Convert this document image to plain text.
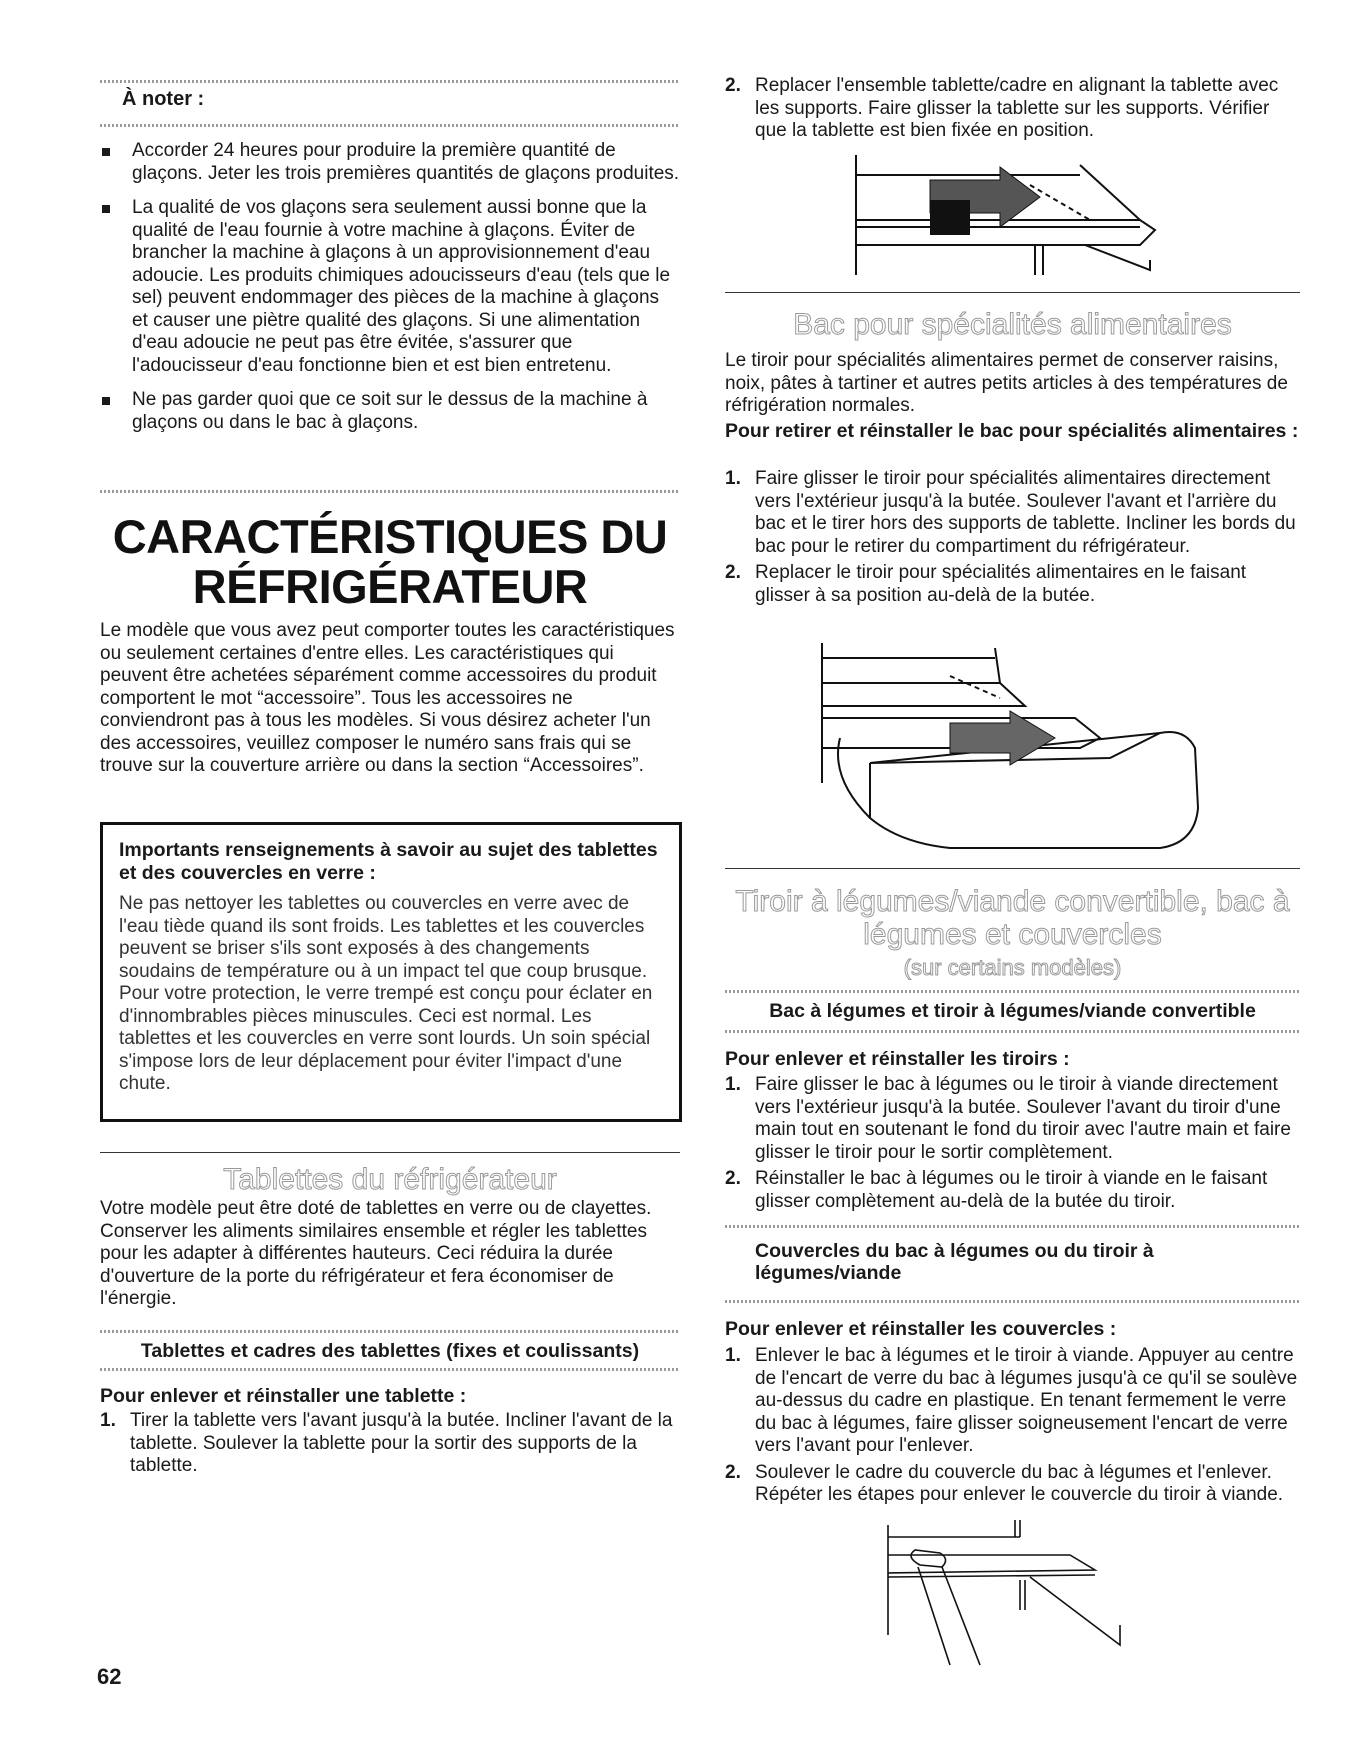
À noter :
Accorder 24 heures pour produire la première quantité de glaçons. Jeter les trois premières quantités de glaçons produites.
La qualité de vos glaçons sera seulement aussi bonne que la qualité de l'eau fournie à votre machine à glaçons. Éviter de brancher la machine à glaçons à un approvisionnement d'eau adoucie. Les produits chimiques adoucisseurs d'eau (tels que le sel) peuvent endommager des pièces de la machine à glaçons et causer une piètre qualité des glaçons. Si une alimentation d'eau adoucie ne peut pas être évitée, s'assurer que l'adoucisseur d'eau fonctionne bien et est bien entretenu.
Ne pas garder quoi que ce soit sur le dessus de la machine à glaçons ou dans le bac à glaçons.
CARACTÉRISTIQUES DU
RÉFRIGÉRATEUR

Le modèle que vous avez peut comporter toutes les caractéristiques ou seulement certaines d'entre elles. Les caractéristiques qui peuvent être achetées séparément comme accessoires du produit comportent le mot “accessoire”. Tous les accessoires ne conviendront pas à tous les modèles. Si vous désirez acheter l'un des accessoires, veuillez composer le numéro sans frais qui se trouve sur la couverture arrière ou dans la section “Accessoires”.

Importants renseignements à savoir au sujet des tablettes et des couvercles en verre :

Ne pas nettoyer les tablettes ou couvercles en verre avec de l'eau tiède quand ils sont froids. Les tablettes et les couvercles peuvent se briser s'ils sont exposés à des changements soudains de température ou à un impact tel que coup brusque. Pour votre protection, le verre trempé est conçu pour éclater en d'innombrables pièces minuscules. Ceci est normal. Les tablettes et les couvercles en verre sont lourds. Un soin spécial s'impose lors de leur déplacement pour éviter l'impact d'une chute.

Tablettes du réfrigérateur

Votre modèle peut être doté de tablettes en verre ou de clayettes. Conserver les aliments similaires ensemble et régler les tablettes pour les adapter à différentes hauteurs. Ceci réduira la durée d'ouverture de la porte du réfrigérateur et fera économiser de l'énergie.

Tablettes et cadres des tablettes (fixes et coulissants)
Pour enlever et réinstaller une tablette :
1. Tirer la tablette vers l'avant jusqu'à la butée. Incliner l'avant de la tablette. Soulever la tablette pour la sortir des supports de la tablette.
62
2. Replacer l'ensemble tablette/cadre en alignant la tablette avec les supports. Faire glisser la tablette sur les supports. Vérifier que la tablette est bien fixée en position.
Bac pour spécialités alimentaires

Le tiroir pour spécialités alimentaires permet de conserver raisins, noix, pâtes à tartiner et autres petits articles à des températures de réfrigération normales.

Pour retirer et réinstaller le bac pour spécialités alimentaires :
1. Faire glisser le tiroir pour spécialités alimentaires directement vers l'extérieur jusqu'à la butée. Soulever l'avant et l'arrière du bac et le tirer hors des supports de tablette. Incliner les bords du bac pour le retirer du compartiment du réfrigérateur.
2. Replacer le tiroir pour spécialités alimentaires en le faisant glisser à sa position au-delà de la butée.
Tiroir à légumes/viande convertible, bac à
légumes et couvercles
(sur certains modèles)
Bac à légumes et tiroir à légumes/viande convertible
Pour enlever et réinstaller les tiroirs :
1. Faire glisser le bac à légumes ou le tiroir à viande directement vers l'extérieur jusqu'à la butée. Soulever l'avant du tiroir d'une main tout en soutenant le fond du tiroir avec l'autre main et faire glisser le tiroir pour le sortir complètement.
2. Réinstaller le bac à légumes ou le tiroir à viande en le faisant glisser complètement au-delà de la butée du tiroir.
Couvercles du bac à légumes ou du tiroir à légumes/viande
Pour enlever et réinstaller les couvercles :
1. Enlever le bac à légumes et le tiroir à viande. Appuyer au centre de l'encart de verre du bac à légumes jusqu'à ce qu'il se soulève au-dessus du cadre en plastique. En tenant fermement le verre du bac à légumes, faire glisser soigneusement l'encart de verre vers l'avant pour l'enlever.
2. Soulever le cadre du couvercle du bac à légumes et l'enlever. Répéter les étapes pour enlever le couvercle du tiroir à viande.
